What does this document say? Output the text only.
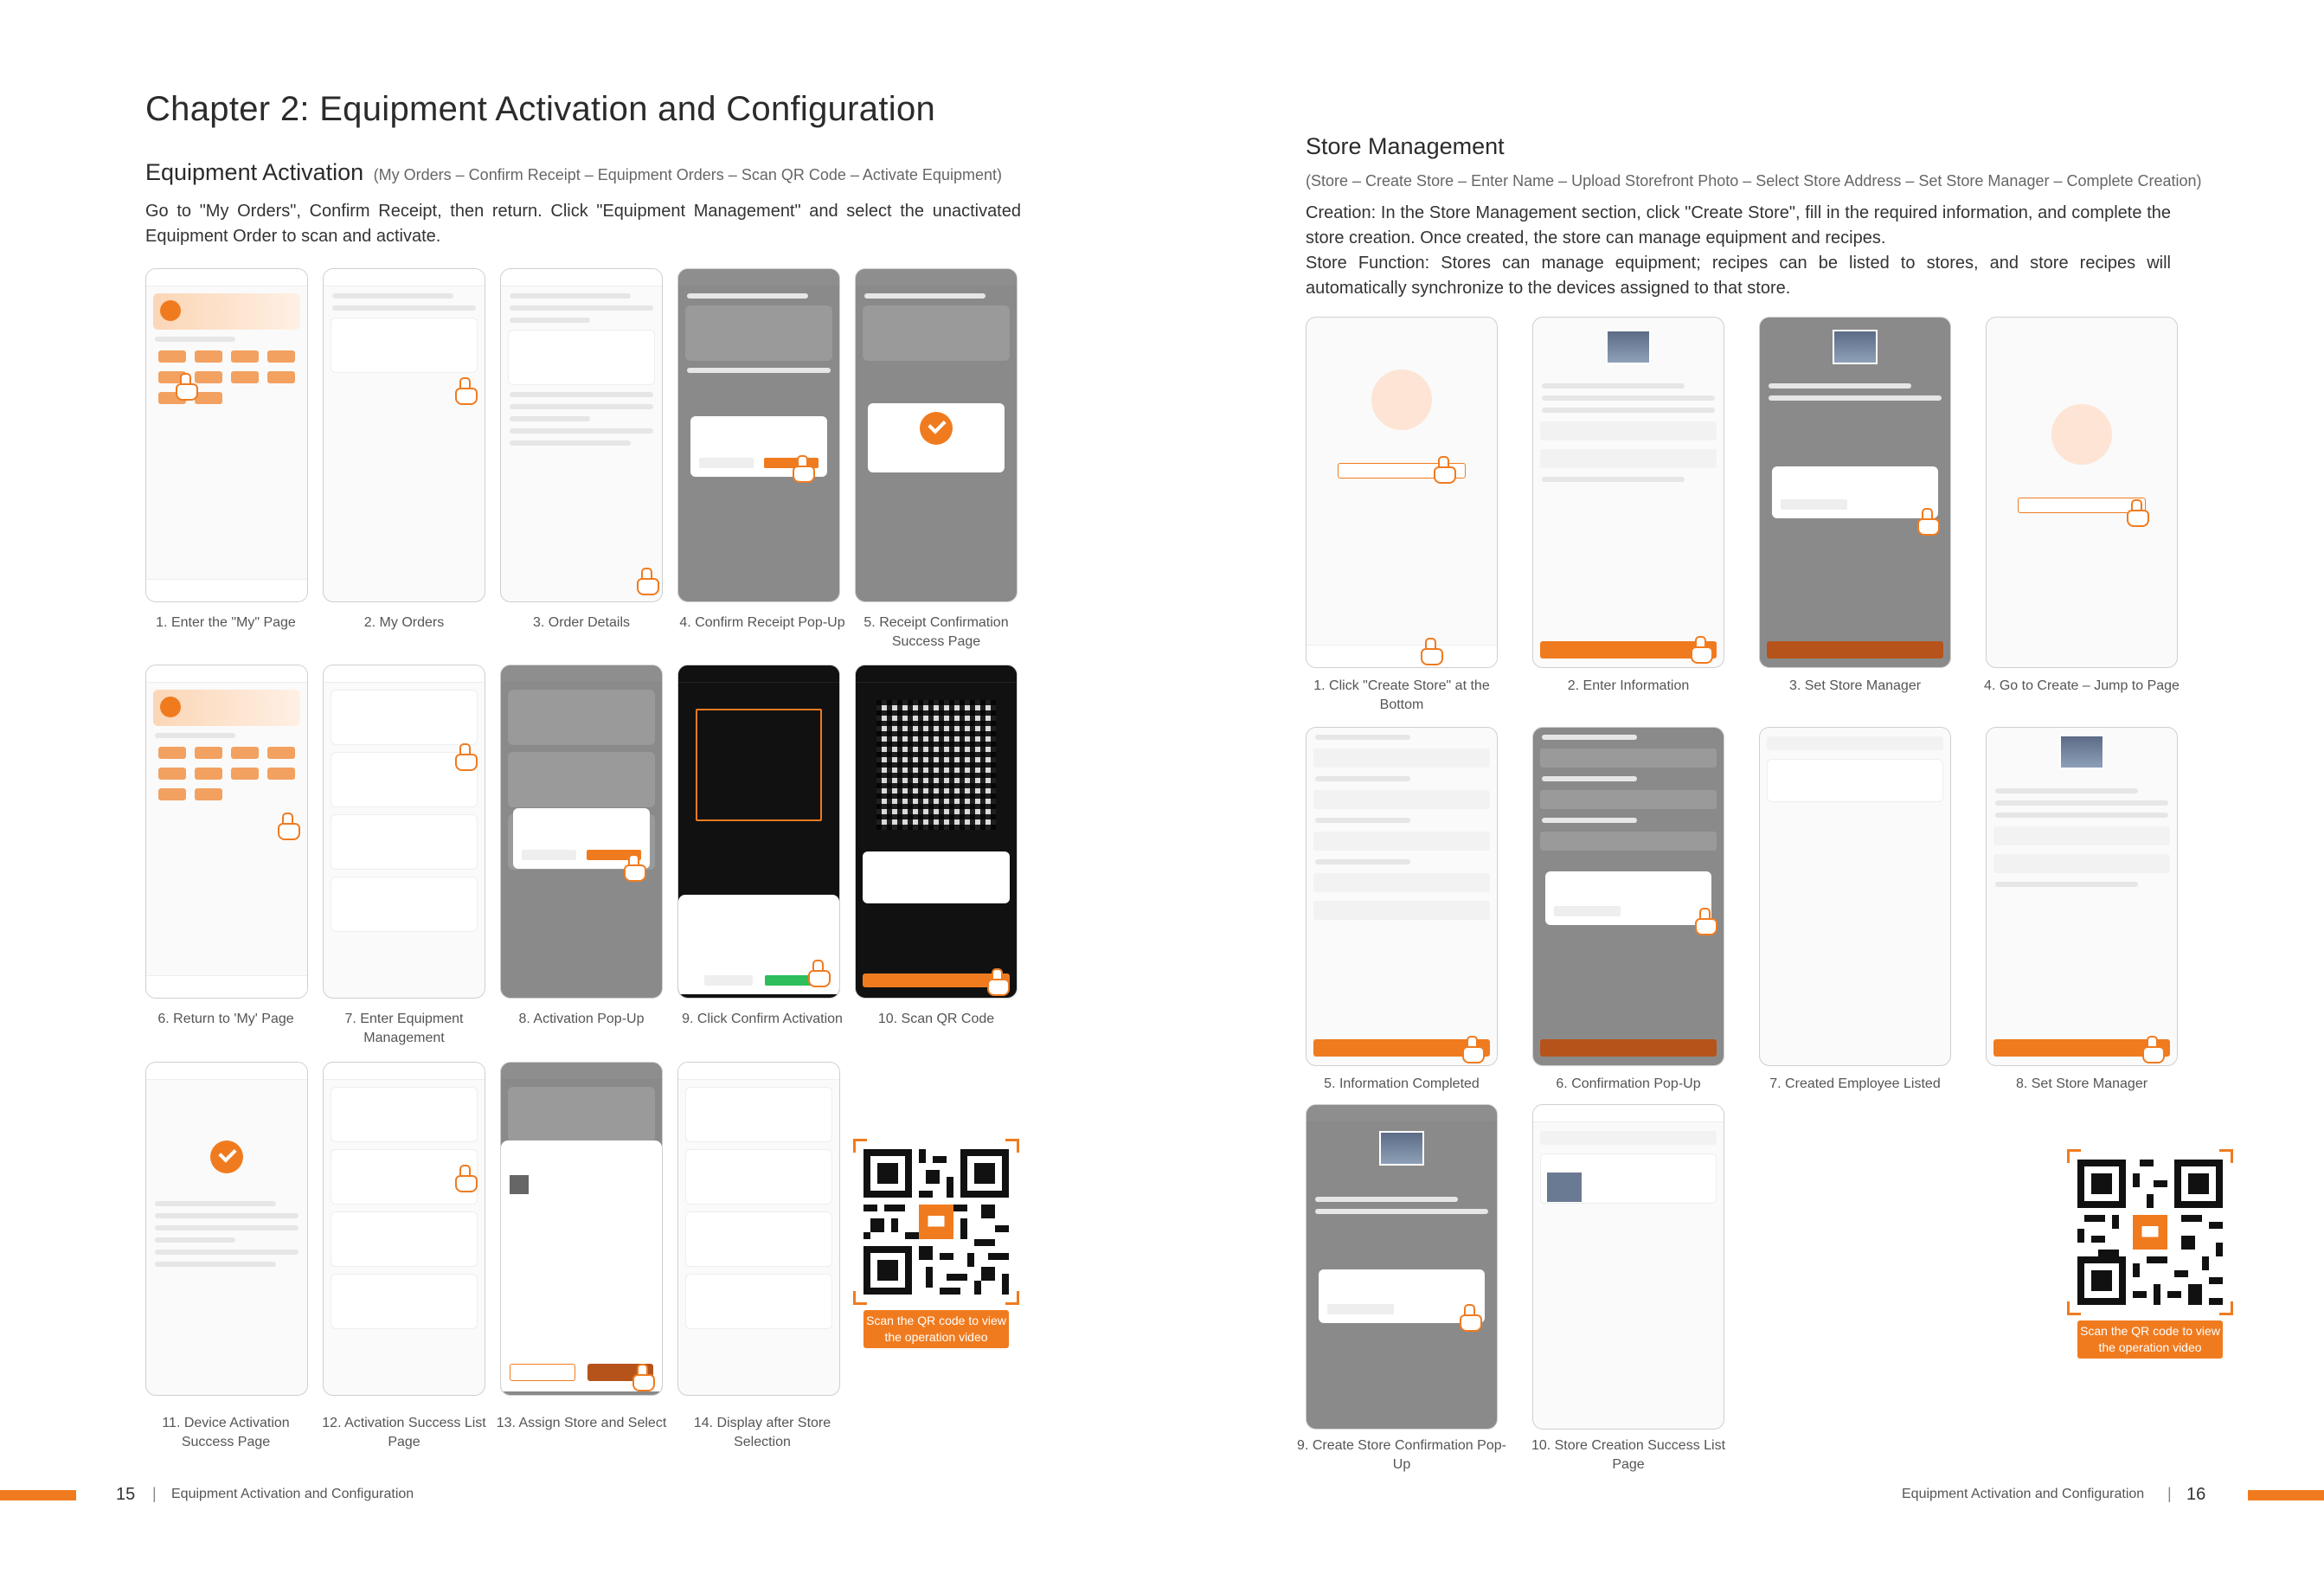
Chapter 2: Equipment Activation and Configuration
Equipment Activation (My Orders – Confirm Receipt – Equipment Orders – Scan QR Code – Activate Equipment)

Go to "My Orders", Confirm Receipt, then return. Click "Equipment Management" and select the unactivated Equipment Order to scan and activate.

1. Enter the "My" Page	2. My Orders	3. Order Details	4. Confirm Receipt Pop-Up	5. Receipt Confirmation Success Page
6. Return to 'My' Page	7. Enter Equipment Management
8. Activation Pop-Up	9. Click Confirm Activation	10. Scan QR Code
Scan the QR code to view the operation video
11. Device Activation Success Page
12. Activation Success List Page
13. Assign Store and Select	14. Display after Store Selection
15 | Equipment Activation and Configuration
Store Management
(Store – Create Store – Enter Name – Upload Storefront Photo – Select Store Address – Set Store Manager – Complete Creation)

Creation: In the Store Management section, click "Create Store", fill in the required information, and complete the store creation. Once created, the store can manage equipment and recipes.

Store Function: Stores can manage equipment; recipes can be listed to stores, and store recipes will automatically synchronize to the devices assigned to that store.

1. Click "Create Store" at the Bottom
2. Enter Information	3. Set Store Manager	4. Go to Create – Jump to Page
5. Information Completed	6. Confirmation Pop-Up	7. Created Employee Listed	8. Set Store Manager
Scan the QR code to view the operation video
9. Create Store Confirmation Pop-Up
10. Store Creation Success List Page
Equipment Activation and Configuration | 16
